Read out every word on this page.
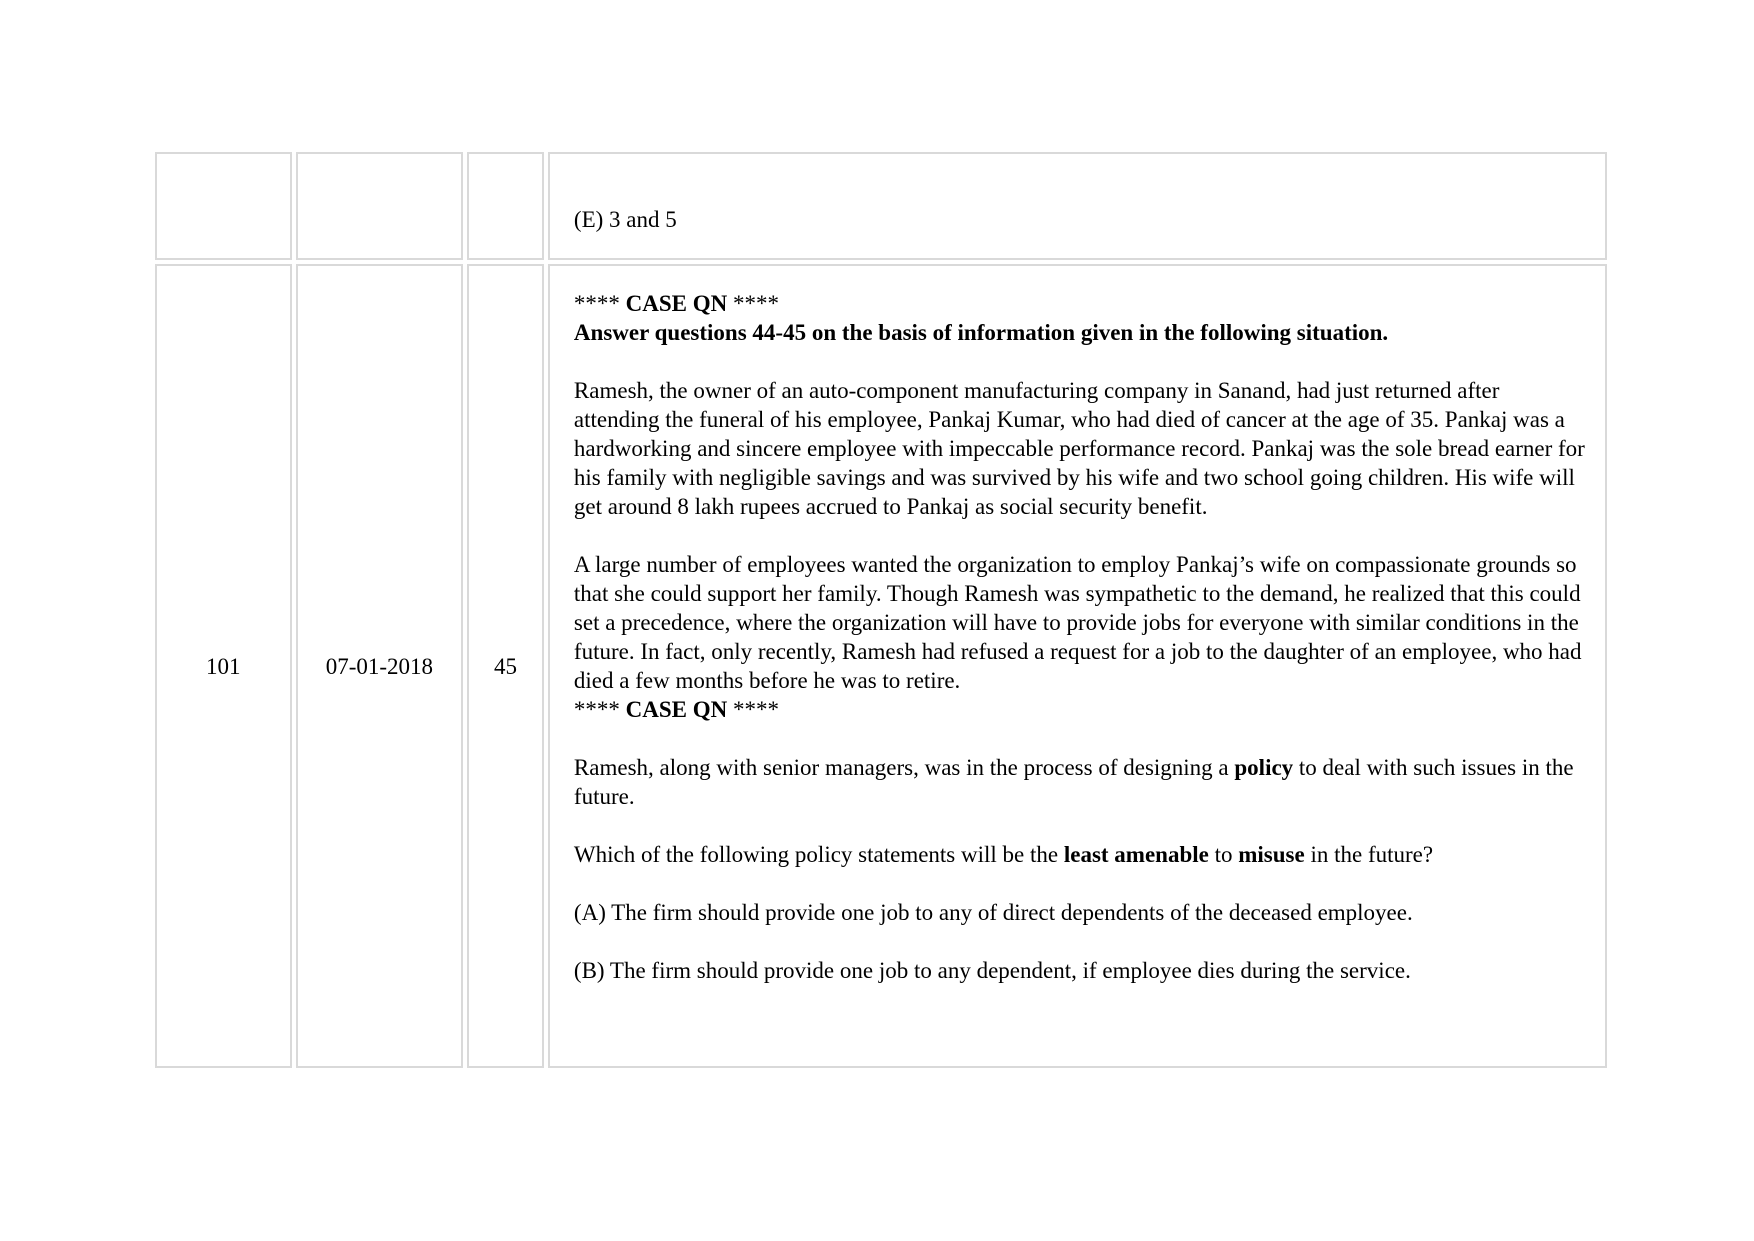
(E) 3 and 5

101	07-01-2018	45

**** CASE QN ****

Answer questions 44-45 on the basis of information given in the following situation.

Ramesh, the owner of an auto-component manufacturing company in Sanand, had just returned after attending the funeral of his employee, Pankaj Kumar, who had died of cancer at the age of 35. Pankaj was a hardworking and sincere employee with impeccable performance record. Pankaj was the sole bread earner for his family with negligible savings and was survived by his wife and two school going children. His wife will get around 8 lakh rupees accrued to Pankaj as social security benefit.

A large number of employees wanted the organization to employ Pankaj’s wife on compassionate grounds so that she could support her family. Though Ramesh was sympathetic to the demand, he realized that this could set a precedence, where the organization will have to provide jobs for everyone with similar conditions in the future. In fact, only recently, Ramesh had refused a request for a job to the daughter of an employee, who had died a few months before he was to retire.

**** CASE QN ****

Ramesh, along with senior managers, was in the process of designing a policy to deal with such issues in the future.

Which of the following policy statements will be the least amenable to misuse in the future?

(A) The firm should provide one job to any of direct dependents of the deceased employee.

(B) The firm should provide one job to any dependent, if employee dies during the service.
